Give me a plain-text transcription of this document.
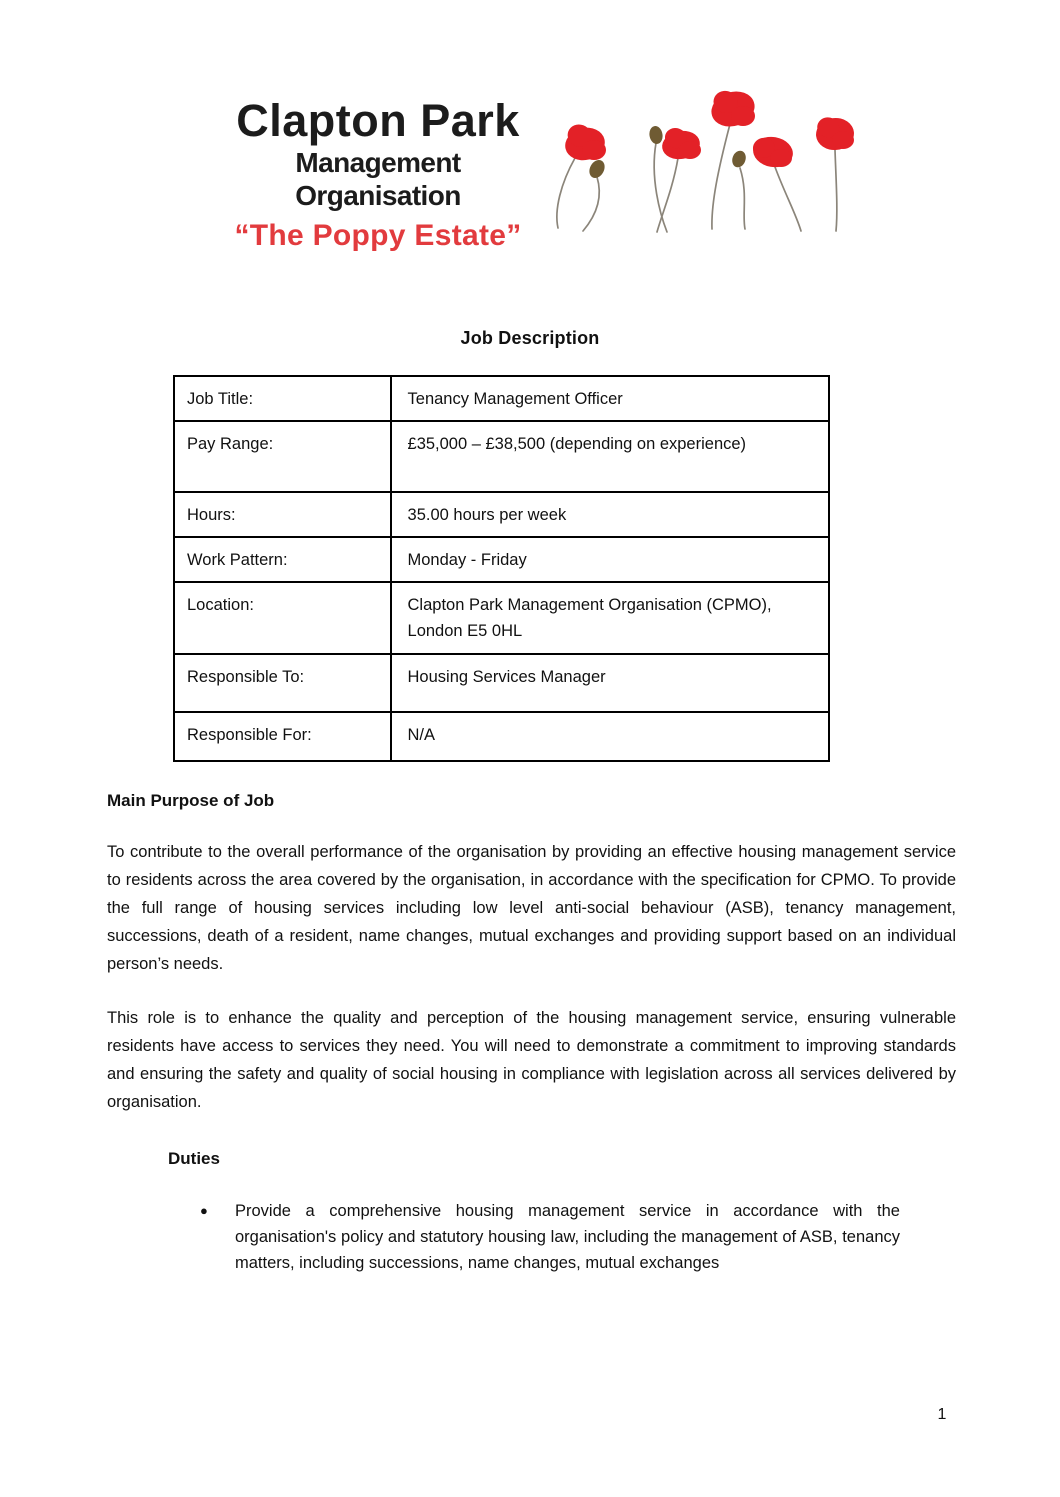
Clapton Park
Management Organisation
“The Poppy Estate”
Job Description
Job Title:	Tenancy Management Officer
Pay Range:	£35,000 – £38,500 (depending on experience)
Hours:	35.00 hours per week
Work Pattern:	Monday - Friday
Location:	Clapton Park Management Organisation (CPMO), London E5 0HL
Responsible To:	Housing Services Manager
Responsible For:	N/A
Main Purpose of Job

To contribute to the overall performance of the organisation by providing an effective housing management service to residents across the area covered by the organisation, in accordance with the specification for CPMO. To provide the full range of housing services including low level anti-social behaviour (ASB), tenancy management, successions, death of a resident, name changes, mutual exchanges and providing support based on an individual person’s needs.

This role is to enhance the quality and perception of the housing management service, ensuring vulnerable residents have access to services they need. You will need to demonstrate a commitment to improving standards and ensuring the safety and quality of social housing in compliance with legislation across all services delivered by organisation.

Duties
●	Provide a comprehensive housing management service in accordance with the organisation's policy and statutory housing law, including the management of ASB, tenancy matters, including successions, name changes, mutual exchanges
1
